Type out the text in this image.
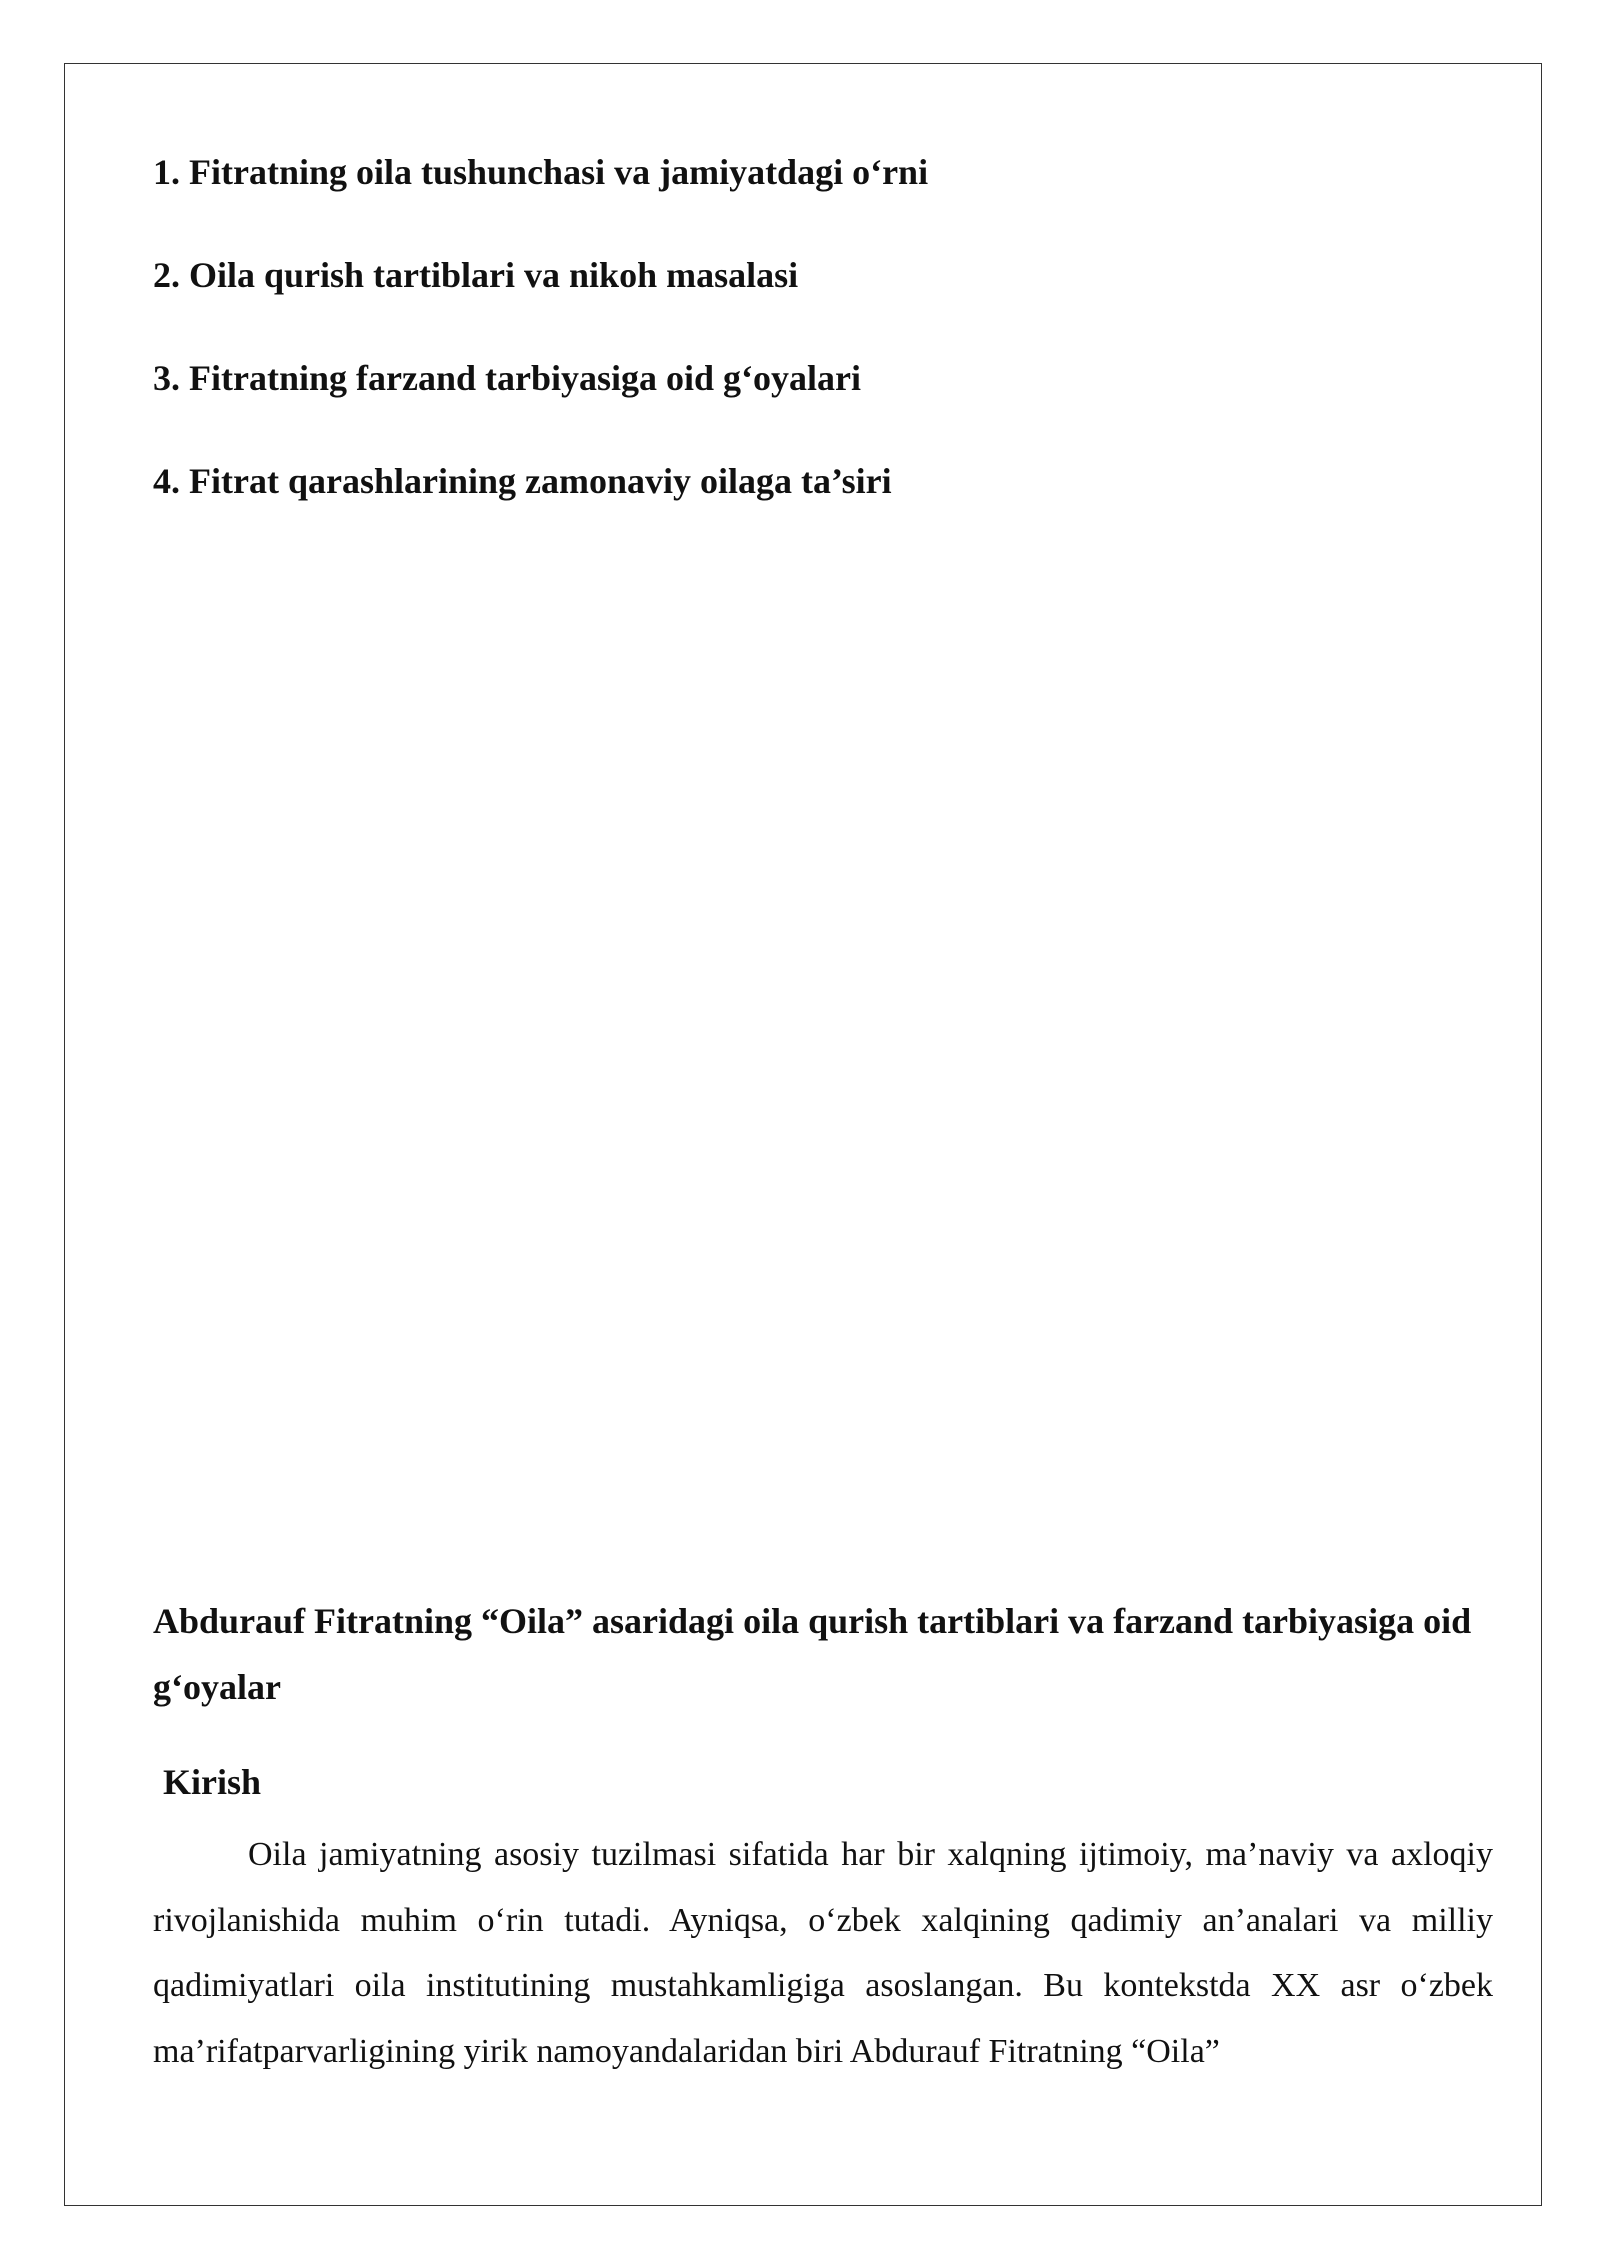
1. Fitratning oila tushunchasi va jamiyatdagi o‘rni
2. Oila qurish tartiblari va nikoh masalasi
3. Fitratning farzand tarbiyasiga oid g‘oyalari
4. Fitrat qarashlarining zamonaviy oilaga ta’siri
Abdurauf Fitratning “Oila” asaridagi oila qurish tartiblari va farzand tarbiyasiga oid g‘oyalar
Kirish

Oila jamiyatning asosiy tuzilmasi sifatida har bir xalqning ijtimoiy, ma’naviy va axloqiy rivojlanishida muhim o‘rin tutadi. Ayniqsa, o‘zbek xalqining qadimiy an’analari va milliy qadimiyatlari oila institutining mustahkamligiga asoslangan. Bu kontekstda XX asr o‘zbek ma’rifatparvarligining yirik namoyandalaridan biri Abdurauf Fitratning “Oila”
